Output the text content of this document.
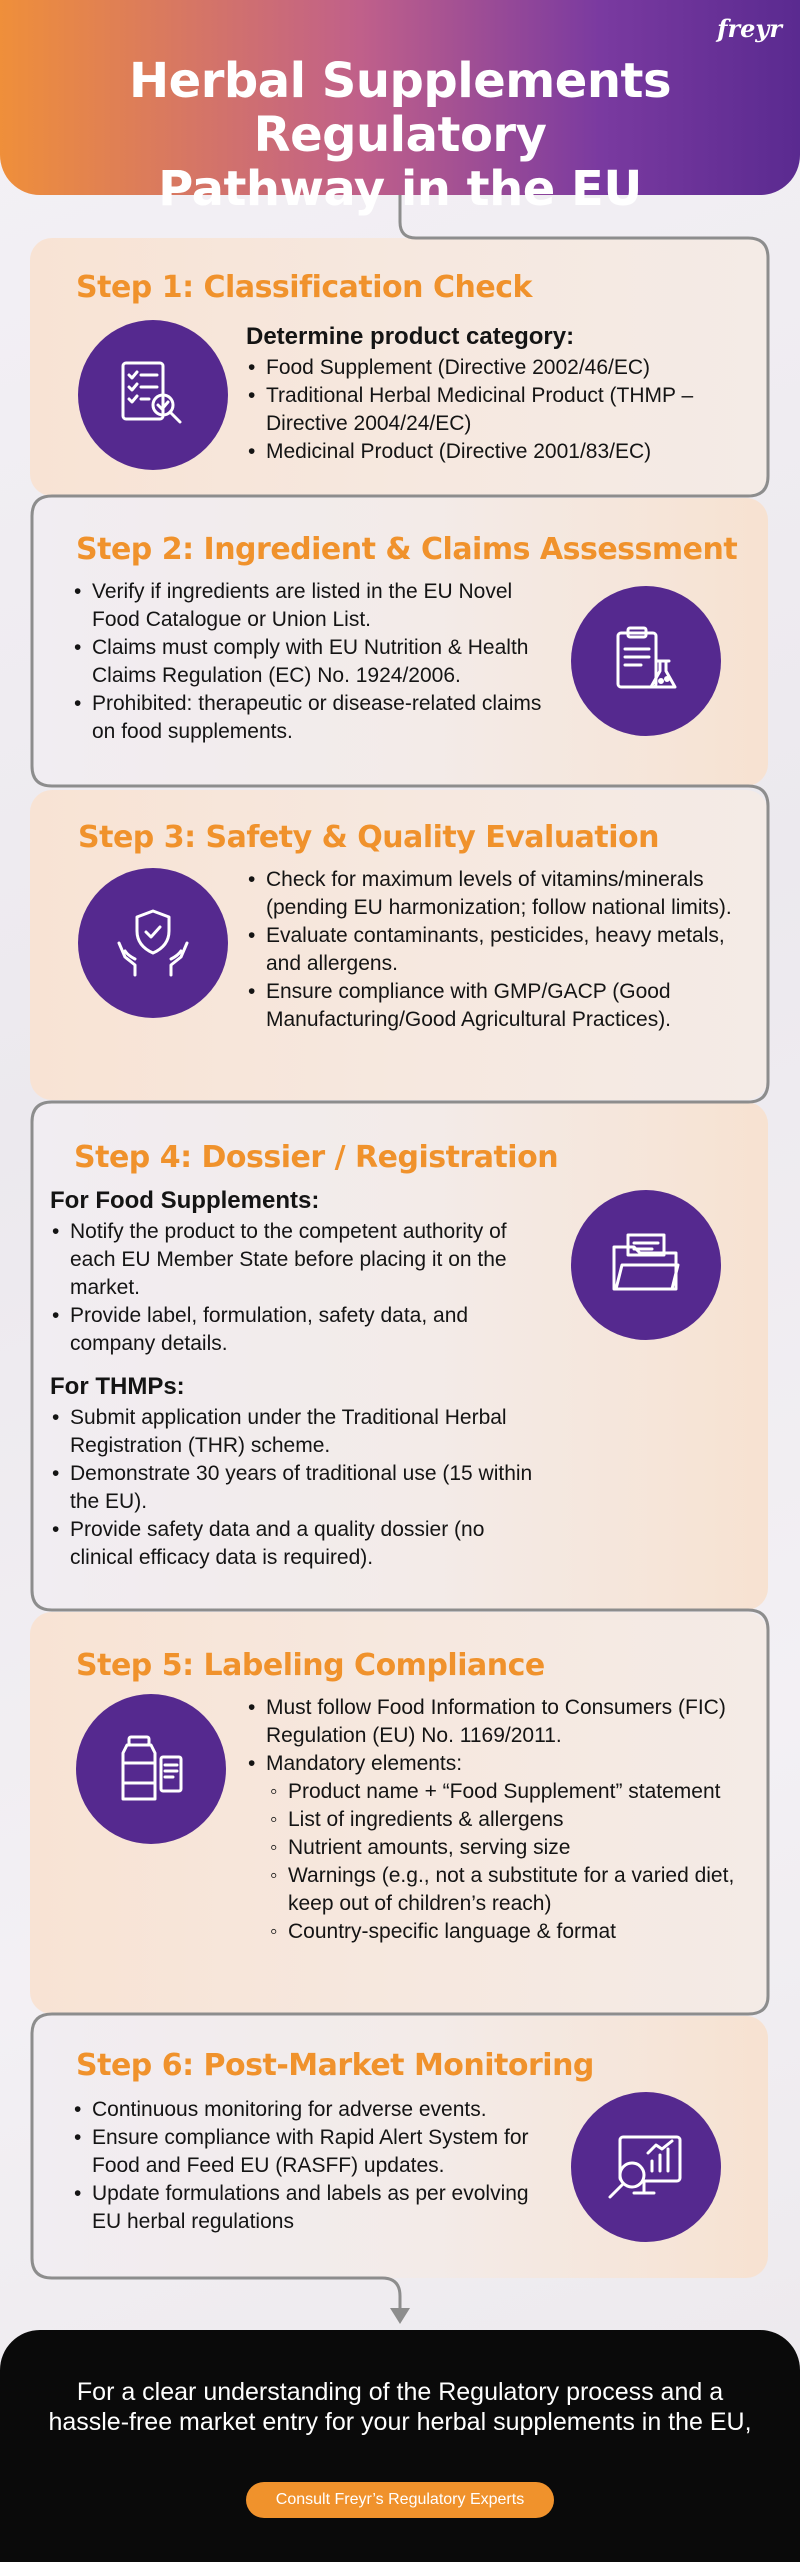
freyr
Herbal Supplements Regulatory
Pathway in the EU
Step 1: Classification Check
Determine product category:
• Food Supplement (Directive 2002/46/EC)
• Traditional Herbal Medicinal Product (THMP – Directive 2004/24/EC)
• Medicinal Product (Directive 2001/83/EC)
Step 2: Ingredient & Claims Assessment
• Verify if ingredients are listed in the EU Novel Food Catalogue or Union List.
• Claims must comply with EU Nutrition & Health Claims Regulation (EC) No. 1924/2006.
• Prohibited: therapeutic or disease-related claims on food supplements.
Step 3: Safety & Quality Evaluation
• Check for maximum levels of vitamins/minerals (pending EU harmonization; follow national limits).
• Evaluate contaminants, pesticides, heavy metals, and allergens.
• Ensure compliance with GMP/GACP (Good Manufacturing/Good Agricultural Practices).
Step 4: Dossier / Registration
For Food Supplements:
• Notify the product to the competent authority of each EU Member State before placing it on the market.
• Provide label, formulation, safety data, and company details.
For THMPs:
• Submit application under the Traditional Herbal Registration (THR) scheme.
• Demonstrate 30 years of traditional use (15 within the EU).
• Provide safety data and a quality dossier (no clinical efficacy data is required).
Step 5: Labeling Compliance
• Must follow Food Information to Consumers (FIC) Regulation (EU) No. 1169/2011.
• Mandatory elements:
◦ Product name + “Food Supplement” statement
◦ List of ingredients & allergens
◦ Nutrient amounts, serving size
◦ Warnings (e.g., not a substitute for a varied diet, keep out of children’s reach)
◦ Country-specific language & format
Step 6: Post-Market Monitoring
• Continuous monitoring for adverse events.
• Ensure compliance with Rapid Alert System for Food and Feed EU (RASFF) updates.
• Update formulations and labels as per evolving EU herbal regulations
For a clear understanding of the Regulatory process and a hassle-free market entry for your herbal supplements in the EU,
Consult Freyr’s Regulatory Experts
